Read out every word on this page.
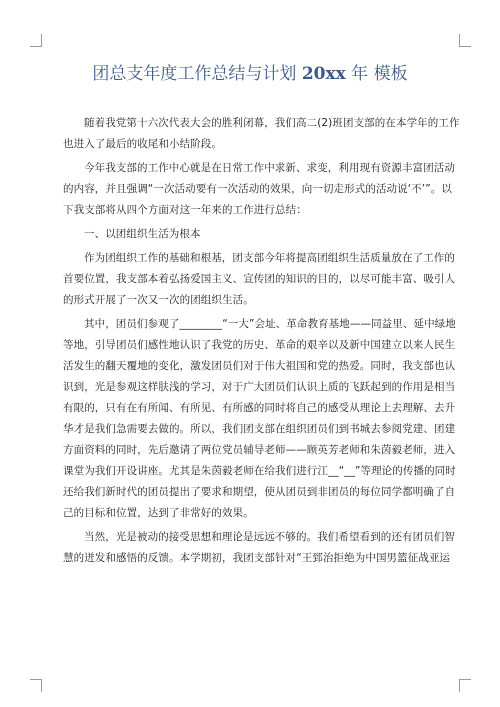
团总支年度工作总结与计划 20xx 年 模板

随着我党第十六次代表大会的胜利闭幕，我们高二(2)班团支部的在本学年的工作
也进入了最后的收尾和小结阶段。

今年我支部的工作中心就是在日常工作中求新、求变，利用现有资源丰富团活动
的内容，并且强调“一次活动要有一次活动的效果，向一切走形式的活动说‘不’”。以
下我支部将从四个方面对这一年来的工作进行总结：

一、以团组织生活为根本

作为团组织工作的基础和根基，团支部今年将提高团组织生活质量放在了工作的
首要位置，我支部本着弘扬爱国主义、宣传团的知识的目的，以尽可能丰富、吸引人
的形式开展了一次又一次的团组织生活。

其中，团员们参观了________“一大”会址、革命教育基地——同益里、延中绿地
等地，引导团员们感性地认识了我党的历史、革命的艰辛以及新中国建立以来人民生
活发生的翻天覆地的变化，激发团员们对于伟大祖国和党的热爱。同时，我支部也认
识到，光是参观这样肤浅的学习，对于广大团员们认识上质的飞跃起到的作用是相当
有限的，只有在有所闻、有所见、有所感的同时将自己的感受从理论上去理解、去升
华才是我们急需要去做的。所以，我们团支部在组织团员们到书城去参阅党建、团建
方面资料的同时，先后邀请了两位党员辅导老师——顾英芳老师和朱茵毅老师，进入
课堂为我们开设讲座。尤其是朱茵毅老师在给我们进行江__“__”等理论的传播的同时
还给我们新时代的团员提出了要求和期望，使从团员到非团员的每位同学都明确了自
己的目标和位置，达到了非常好的效果。

当然，光是被动的接受思想和理论是远远不够的。我们希望看到的还有团员们智
慧的迸发和感悟的反馈。本学期初，我团支部针对“王郅治拒绝为中国男篮征战亚运
